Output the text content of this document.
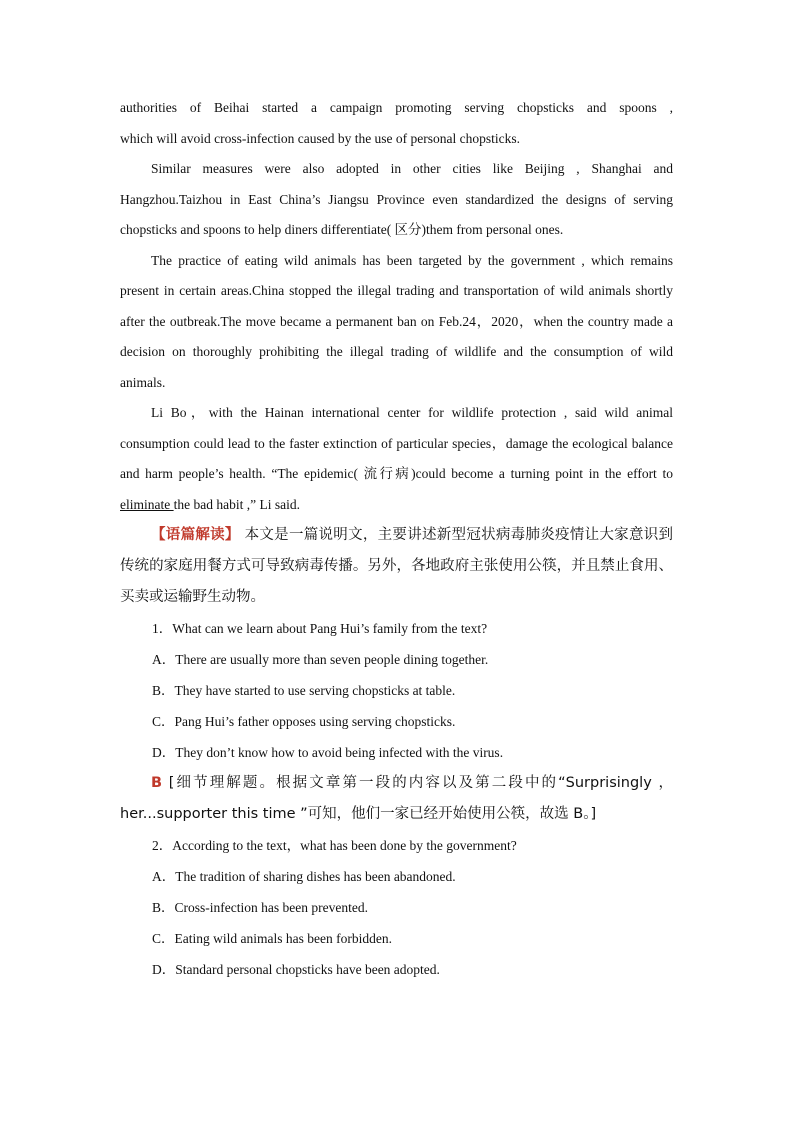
authorities of Beihai started a campaign promoting serving chopsticks and spoons ,

which will avoid cross-infection caused by the use of personal chopsticks.

Similar measures were also adopted in other cities like Beijing , Shanghai and Hangzhou.Taizhou in East China’s Jiangsu Province even standardized the designs of serving chopsticks and spoons to help diners differentiate( 区分)them from personal ones.

The practice of eating wild animals has been targeted by the government , which remains present in certain areas.China stopped the illegal trading and transportation of wild animals shortly after the outbreak.The move became a permanent ban on Feb.24，2020，when the country made a decision on thoroughly prohibiting the illegal trading of wildlife and the consumption of wild animals.

Li Bo，with the Hainan international center for wildlife protection , said wild animal consumption could lead to the faster extinction of particular species，damage the ecological balance and harm people’s health. “The epidemic( 流行病)could become a turning point in the effort to eliminate the bad habit ,” Li said.

【语篇解读】 本文是一篇说明文，主要讲述新型冠状病毒肺炎疫情让大家意识到传统的家庭用餐方式可导致病毒传播。另外，各地政府主张使用公筷，并且禁止食用、买卖或运输野生动物。

1．What can we learn about Pang Hui’s family from the text?

A．There are usually more than seven people dining together.

B．They have started to use serving chopsticks at table.

C．Pang Hui’s father opposes using serving chopsticks.

D．They don’t know how to avoid being infected with the virus.

B [细节理解题。根据文章第一段的内容以及第二段中的“Surprisingly ，her...supporter this time ”可知，他们一家已经开始使用公筷，故选 B。]

2．According to the text，what has been done by the government?

A．The tradition of sharing dishes has been abandoned.

B．Cross-infection has been prevented.

C．Eating wild animals has been forbidden.

D．Standard personal chopsticks have been adopted.
